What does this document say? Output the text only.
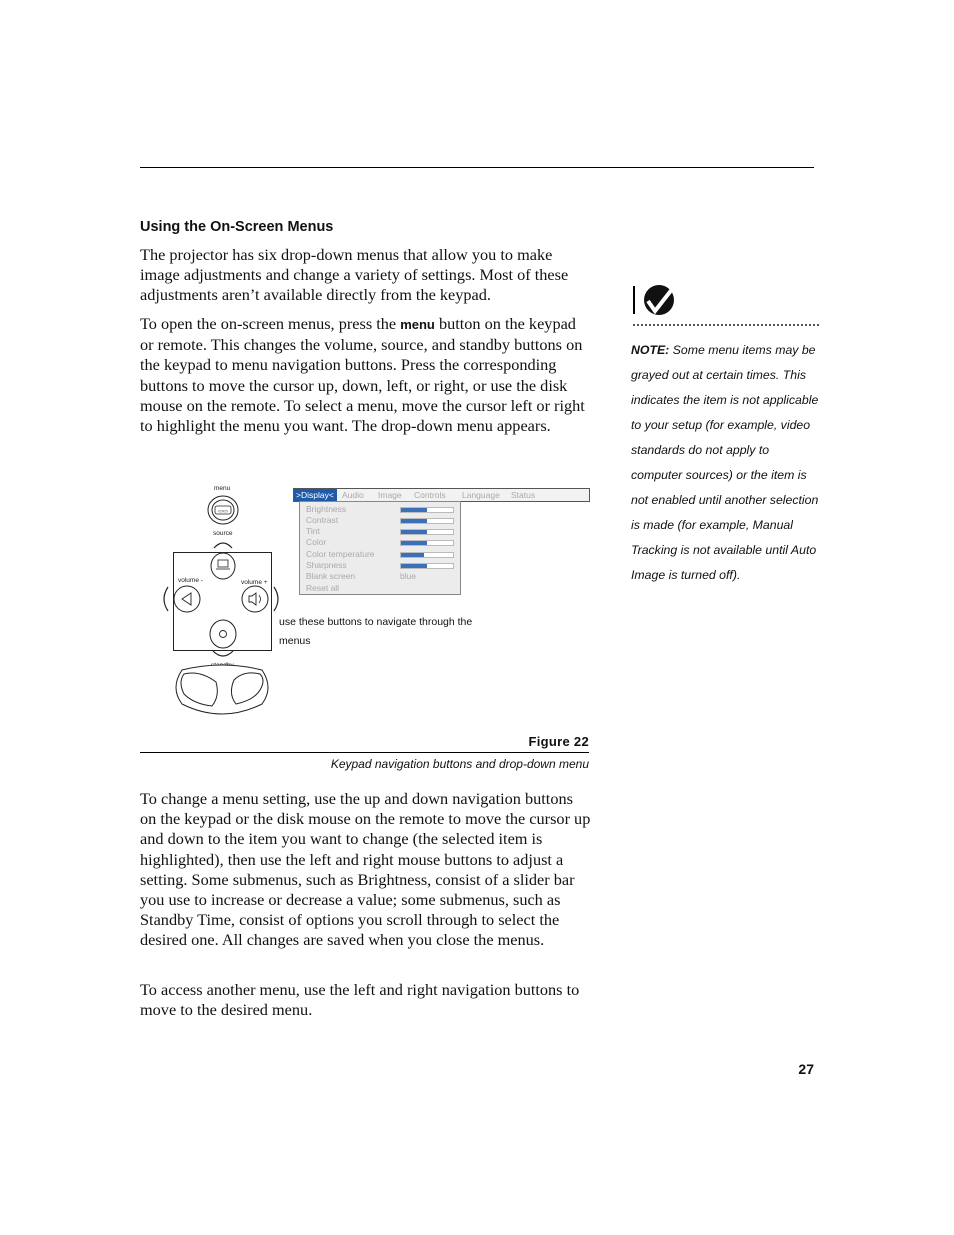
Using the On-Screen Menus
The projector has six drop-down menus that allow you to make image adjustments and change a variety of settings. Most of these adjustments aren’t available directly from the keypad.
To open the on-screen menus, press the menu button on the keypad or remote. This changes the volume, source, and standby buttons on the keypad to menu navigation buttons. Press the corresponding buttons to move the cursor up, down, left, or right, or use the disk mouse on the remote. To select a menu, move the cursor left or right to highlight the menu you want. The drop-down menu appears.
NOTE: Some menu items may be grayed out at certain times. This indicates the item is not applicable to your setup (for example, video standards do not apply to computer sources) or the item is not enabled until another selection is made (for example, Manual Tracking is not available until Auto Image is turned off).
menu
▭▭
source
volume -	volume +
>Display< Audio Image Controls Language Status
Brightness
Contrast
Tint
Color
Color temperature
Sharpness
Blank screen	blue
Reset all
use these buttons to navigate through the menus
Figure 22
Keypad navigation buttons and drop-down menu
To change a menu setting, use the up and down navigation buttons on the keypad or the disk mouse on the remote to move the cursor up and down to the item you want to change (the selected item is highlighted), then use the left and right mouse buttons to adjust a setting. Some submenus, such as Brightness, consist of a slider bar you use to increase or decrease a value; some submenus, such as Standby Time, consist of options you scroll through to select the desired one. All changes are saved when you close the menus.
To access another menu, use the left and right navigation buttons to move to the desired menu.
27
